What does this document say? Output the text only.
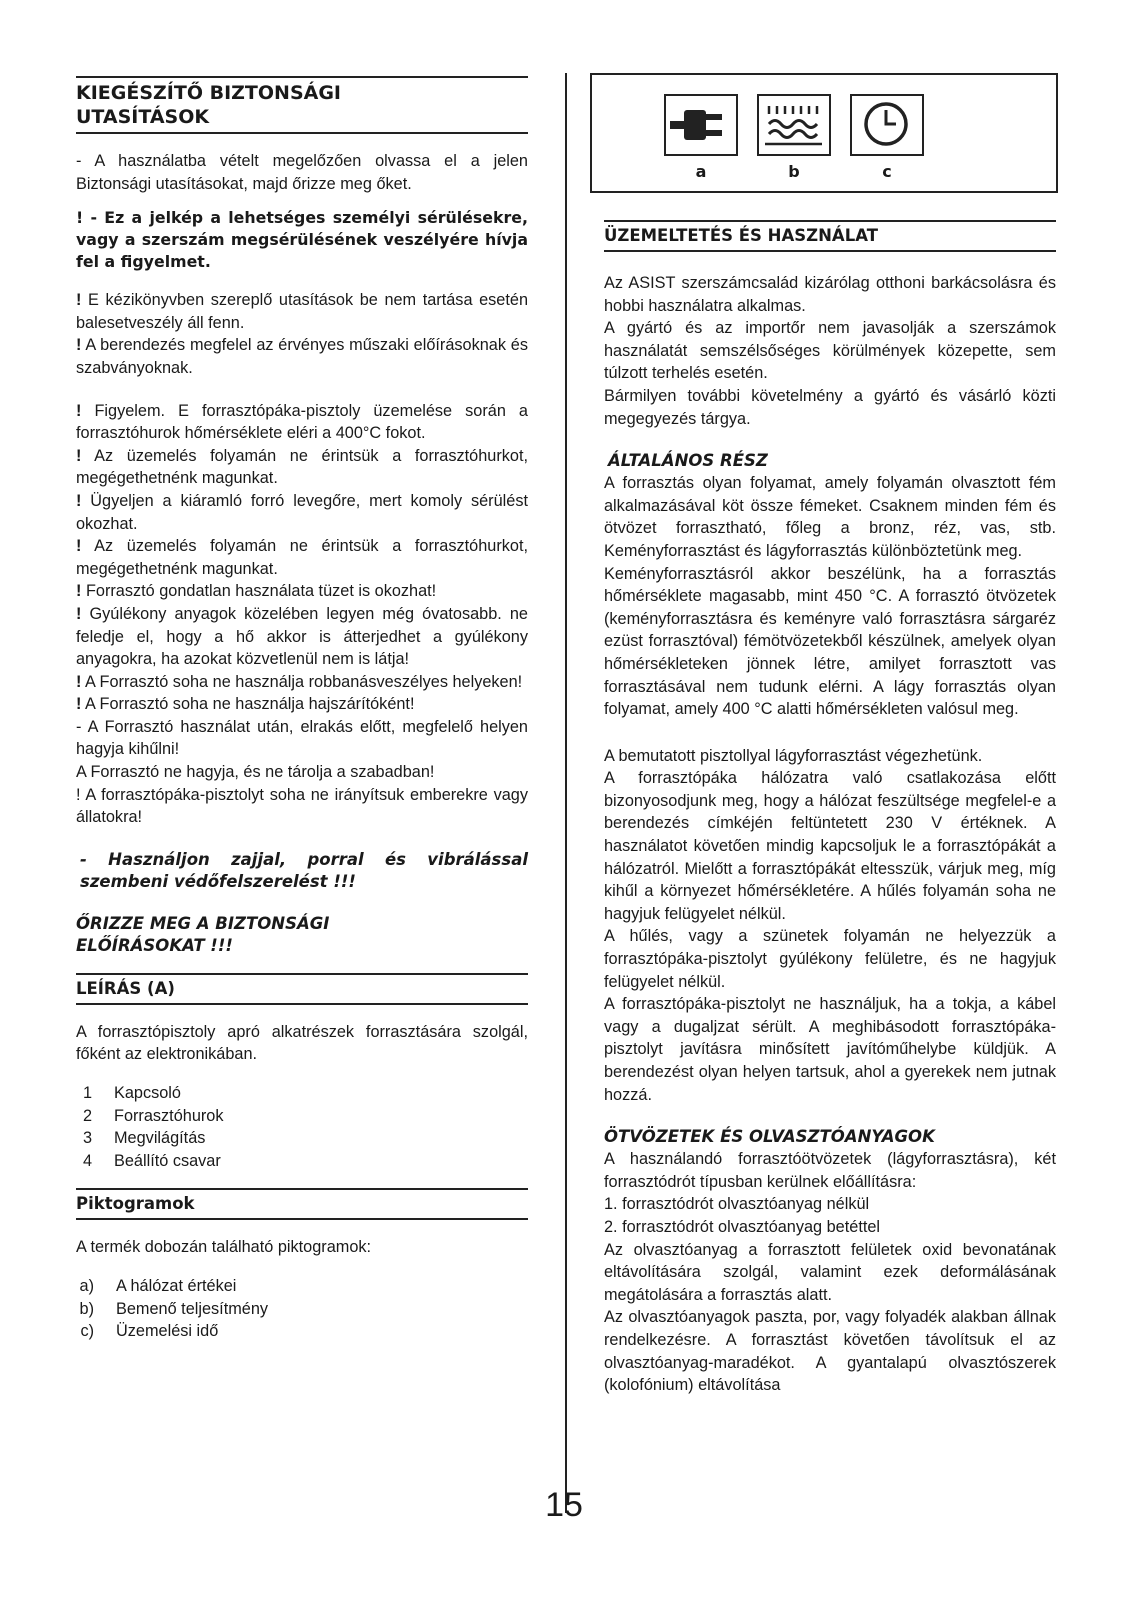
KIEGÉSZÍTŐ BIZTONSÁGI
UTASÍTÁSOK

- A használatba vételt megelőzően olvassa el a jelen Biztonsági utasításokat, majd őrizze meg őket.

! - Ez a jelkép a lehetséges személyi sérülésekre, vagy a szerszám megsérülésének veszélyére hívja fel a figyelmet.

! E kézikönyvben szereplő utasítások be nem tartása esetén balesetveszély áll fenn.

! A berendezés megfelel az érvényes műszaki előírásoknak és szabványoknak.

! Figyelem. E forrasztópáka-pisztoly üzemelése során a forrasztóhurok hőmérséklete eléri a 400°C fokot.

! Az üzemelés folyamán ne érintsük a forrasztóhurkot, megégethetnénk magunkat.

! Ügyeljen a kiáramló forró levegőre, mert komoly sérülést okozhat.

! Az üzemelés folyamán ne érintsük a forrasztóhurkot, megégethetnénk magunkat.

! Forrasztó gondatlan használata tüzet is okozhat!

! Gyúlékony anyagok közelében legyen még óvatosabb. ne feledje el, hogy a hő akkor is átterjedhet a gyúlékony anyagokra, ha azokat közvetlenül nem is látja!

! A Forrasztó soha ne használja robbanásveszélyes helyeken!

! A Forrasztó soha ne használja hajszárítóként!

- A Forrasztó használat után, elrakás előtt, megfelelő helyen hagyja kihűlni!

A Forrasztó ne hagyja, és ne tárolja a szabadban!

! A forrasztópáka-pisztolyt soha ne irányítsuk emberekre vagy állatokra!

- Használjon zajjal, porral és vibrálással szembeni védőfelszerelést !!!

ŐRIZZE MEG A BIZTONSÁGI

ELŐÍRÁSOKAT !!!

LEÍRÁS (A)

A forrasztópisztoly apró alkatrészek forrasztására szolgál, főként az elektronikában.

1	Kapcsoló
2	Forrasztóhurok
3	Megvilágítás
4	Beállító csavar
Piktogramok

A termék dobozán található piktogramok:

a)	A hálózat értékei
b)	Bemenő teljesítmény
c)	Üzemelési idő
a	b	c
ÜZEMELTETÉS ÉS HASZNÁLAT

Az ASIST szerszámcsalád kizárólag otthoni barkácsolásra és hobbi használatra alkalmas.

A gyártó és az importőr nem javasolják a szerszámok használatát semszélsőséges körülmények közepette, sem túlzott terhelés esetén.

Bármilyen további követelmény a gyártó és vásárló közti megegyezés tárgya.

ÁLTALÁNOS RÉSZ

A forrasztás olyan folyamat, amely folyamán olvasztott fém alkalmazásával köt össze fémeket. Csaknem minden fém és ötvözet forrasztható, főleg a bronz, réz, vas, stb. Keményforrasztást és lágyforrasztás különböztetünk meg.

Keményforrasztásról akkor beszélünk, ha a forrasztás hőmérséklete magasabb, mint 450 °C. A forrasztó ötvözetek (keményforrasztásra és keményre való forrasztásra sárgaréz ezüst forrasztóval) fémötvözetekből készülnek, amelyek olyan hőmérsékleteken jönnek létre, amilyet forrasztott vas forrasztásával nem tudunk elérni. A lágy forrasztás olyan folyamat, amely 400 °C alatti hőmérsékleten valósul meg.

A bemutatott pisztollyal lágyforrasztást végezhetünk.

A forrasztópáka hálózatra való csatlakozása előtt bizonyosodjunk meg, hogy a hálózat feszültsége megfelel-e a berendezés címkéjén feltüntetett 230 V értéknek. A használatot követően mindig kapcsoljuk le a forrasztópákát a hálózatról. Mielőtt a forrasztópákát eltesszük, várjuk meg, míg kihűl a környezet hőmérsékletére. A hűlés folyamán soha ne hagyjuk felügyelet nélkül.

A hűlés, vagy a szünetek folyamán ne helyezzük a forrasztópáka-pisztolyt gyúlékony felületre, és ne hagyjuk felügyelet nélkül.

A forrasztópáka-pisztolyt ne használjuk, ha a tokja, a kábel vagy a dugaljzat sérült. A meghibásodott forrasztópáka-pisztolyt javításra minősített javítóműhelybe küldjük. A berendezést olyan helyen tartsuk, ahol a gyerekek nem jutnak hozzá.

ÖTVÖZETEK ÉS OLVASZTÓANYAGOK

A használandó forrasztóötvözetek (lágyforrasztásra), két forrasztódrót típusban kerülnek előállításra:

1. forrasztódrót olvasztóanyag nélkül

2. forrasztódrót olvasztóanyag betéttel

Az olvasztóanyag a forrasztott felületek oxid bevonatának eltávolítására szolgál, valamint ezek deformálásának megátolására a forrasztás alatt.

Az olvasztóanyagok paszta, por, vagy folyadék alakban állnak rendelkezésre. A forrasztást követően távolítsuk el az olvasztóanyag-maradékot. A gyantalapú olvasztószerek (kolofónium) eltávolítása

15
